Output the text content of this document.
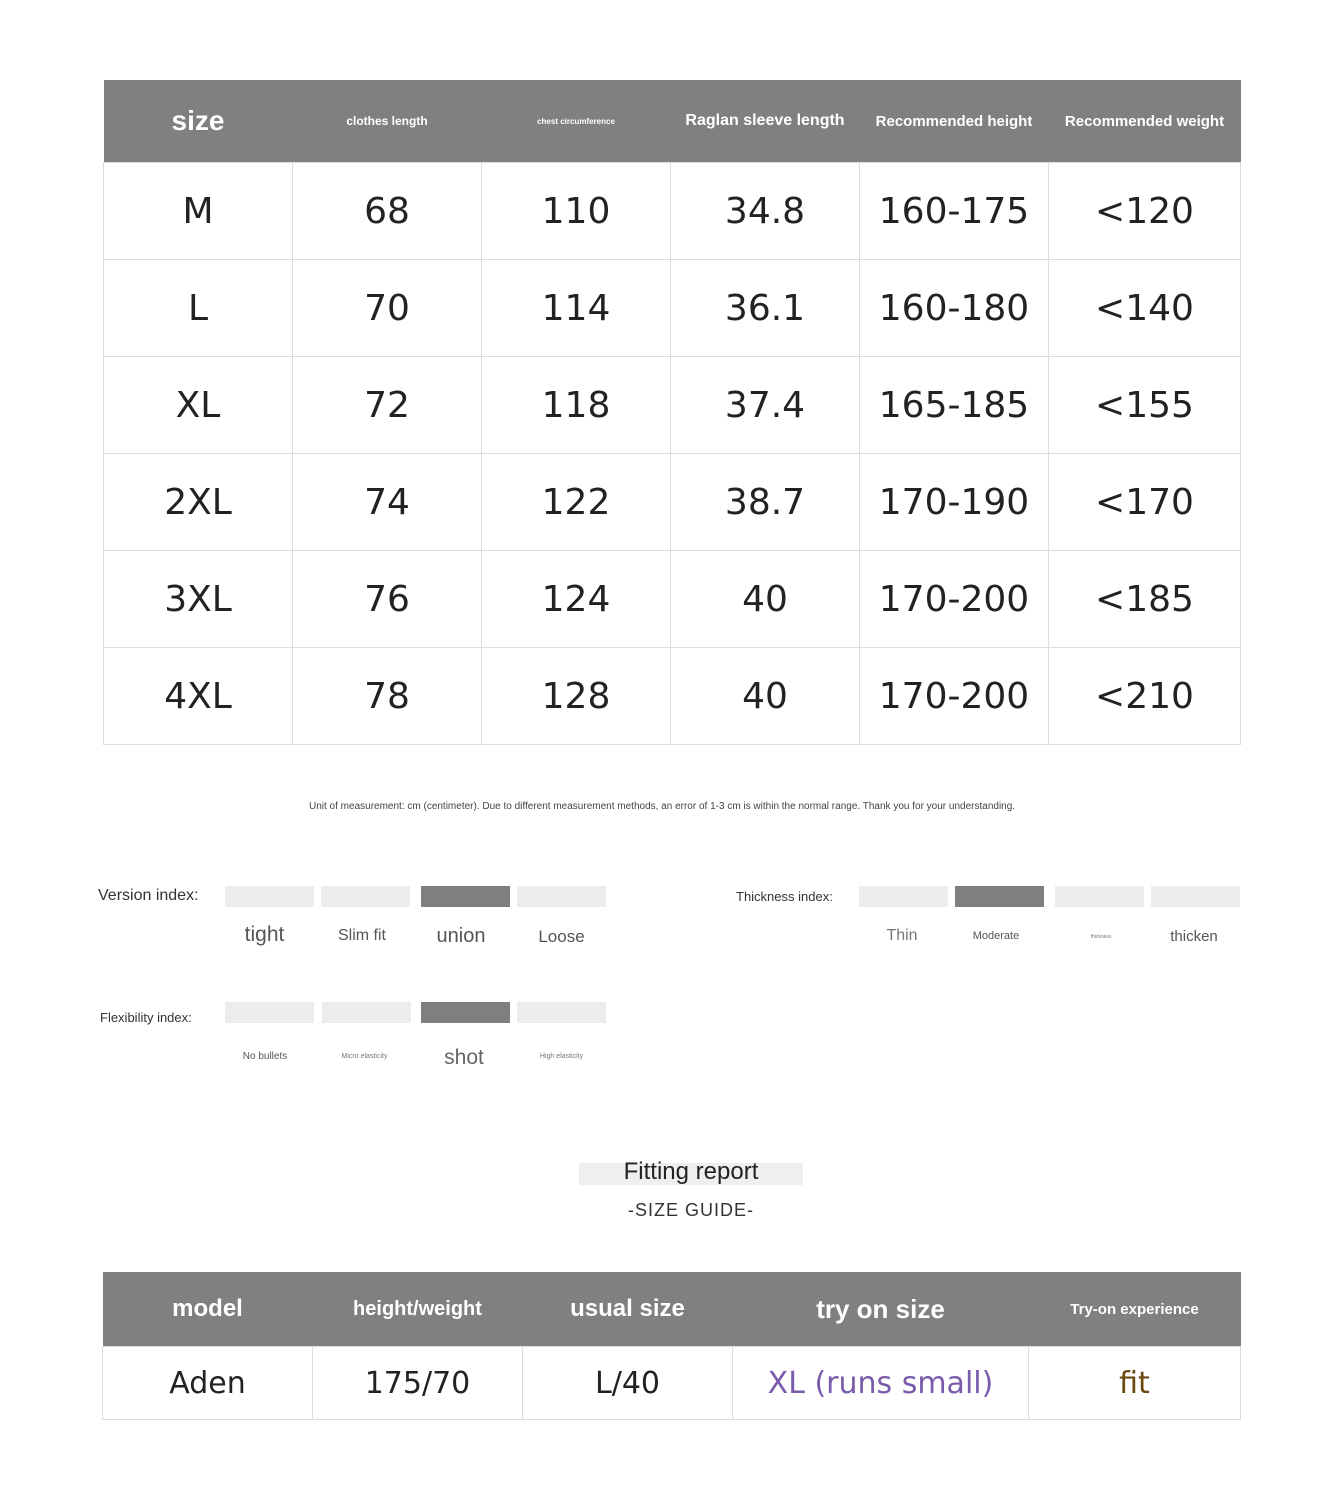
size	clothes length	chest circumference	Raglan sleeve length	Recommended height	Recommended weight
M	68	110	34.8	160-175	<120
L	70	114	36.1	160-180	<140
XL	72	118	37.4	165-185	<155
2XL	74	122	38.7	170-190	<170
3XL	76	124	40	170-200	<185
4XL	78	128	40	170-200	<210
Unit of measurement: cm (centimeter). Due to different measurement methods, an error of 1-3 cm is within the normal range. Thank you for your understanding.
Version index:
tight	Slim fit	union	Loose
Thickness index:
Thin	Moderate	thickness	thicken
Flexibility index:
No bullets	Micro elasticity	shot	High elasticity
Fitting report
-SIZE GUIDE-
model	height/weight	usual size	try on size	Try-on experience
Aden	175/70	L/40	XL (runs small)	fit
